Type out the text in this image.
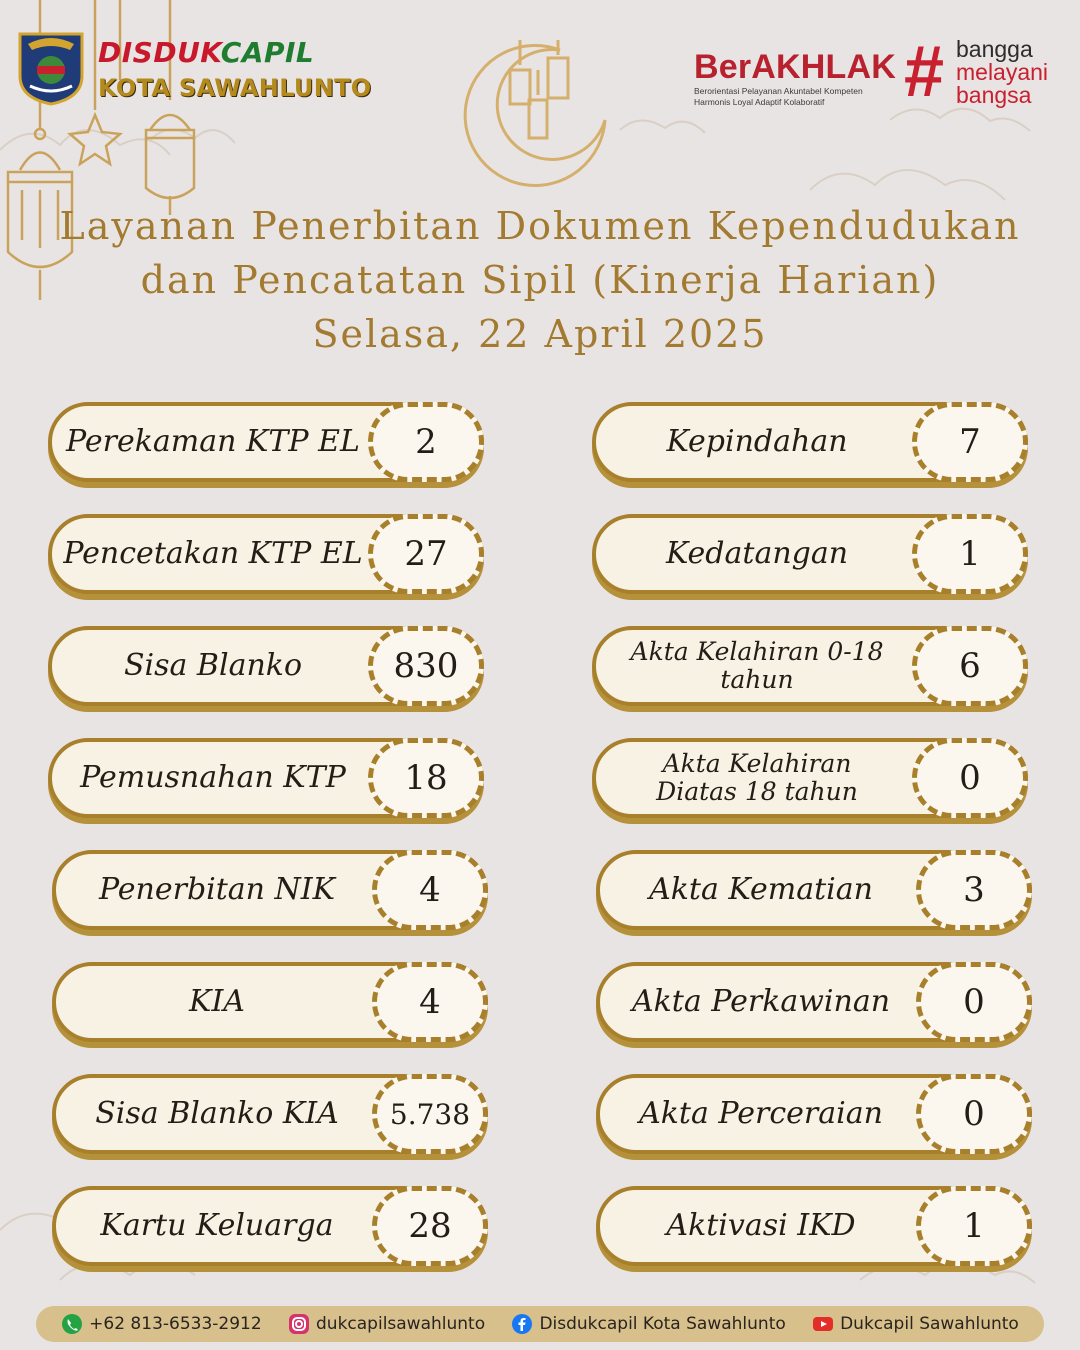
DISDUKCAPIL
KOTA SAWAHLUNTO
BerAKHLAK
Berorientasi Pelayanan Akuntabel Kompeten
Harmonis Loyal Adaptif Kolaboratif	# bangga
melayani
bangsa
Layanan Penerbitan Dokumen Kependudukan
dan Pencatatan Sipil (Kinerja Harian)
Selasa, 22 April 2025
Perekaman KTP EL	2
Pencetakan KTP EL	27
Sisa Blanko	830
Pemusnahan KTP	18
Penerbitan NIK	4
KIA	4
Sisa Blanko KIA	5.738
Kartu Keluarga	28
Kepindahan	7
Kedatangan	1
Akta Kelahiran 0-18 tahun	6
Akta Kelahiran Diatas 18 tahun	0
Akta Kematian	3
Akta Perkawinan	0
Akta Perceraian	0
Aktivasi IKD	1
+62 813-6533-2912	dukcapilsawahlunto	Disdukcapil Kota Sawahlunto	Dukcapil Sawahlunto
